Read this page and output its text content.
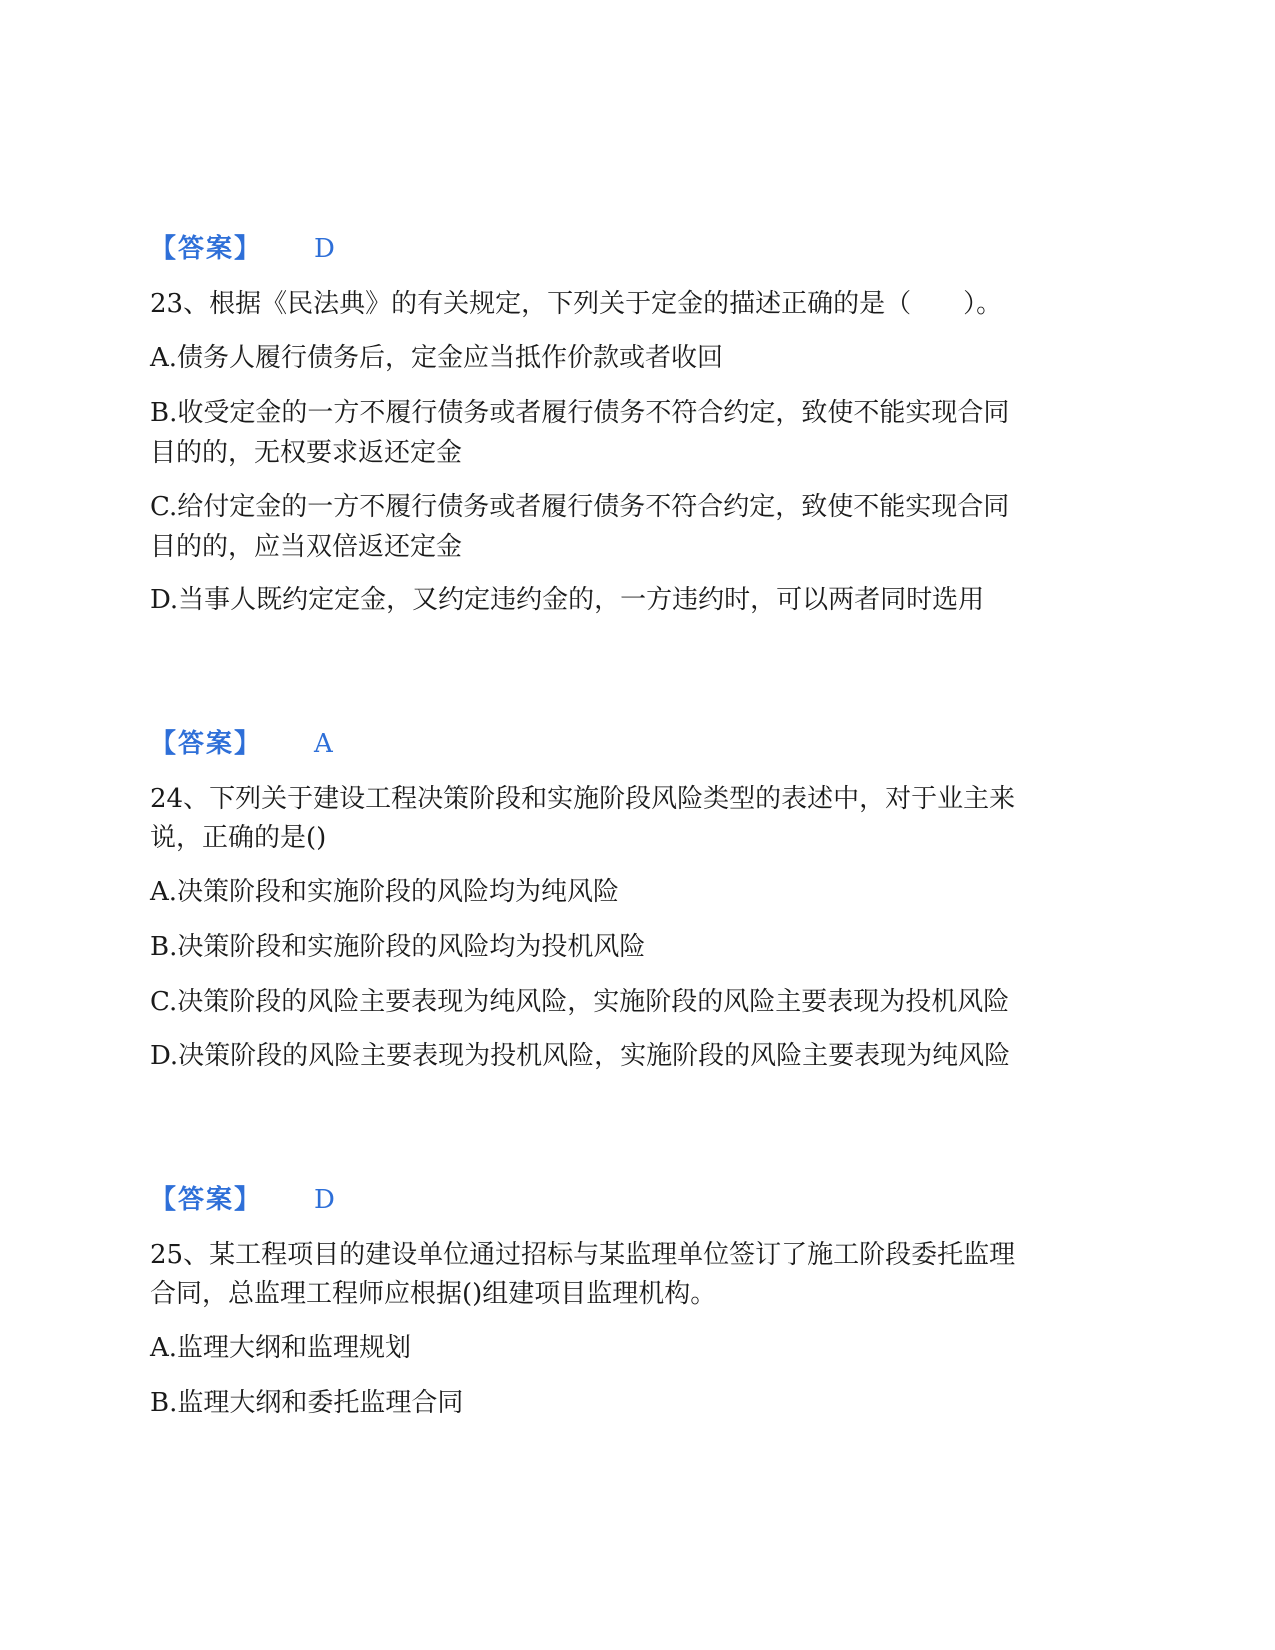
【答案】 D
23、根据《民法典》的有关规定，下列关于定金的描述正确的是（　　）。
A.债务人履行债务后，定金应当抵作价款或者收回
B.收受定金的一方不履行债务或者履行债务不符合约定，致使不能实现合同
目的的，无权要求返还定金
C.给付定金的一方不履行债务或者履行债务不符合约定，致使不能实现合同
目的的，应当双倍返还定金
D.当事人既约定定金，又约定违约金的，一方违约时，可以两者同时选用
【答案】 A
24、下列关于建设工程决策阶段和实施阶段风险类型的表述中，对于业主来
说，正确的是()
A.决策阶段和实施阶段的风险均为纯风险
B.决策阶段和实施阶段的风险均为投机风险
C.决策阶段的风险主要表现为纯风险，实施阶段的风险主要表现为投机风险
D.决策阶段的风险主要表现为投机风险，实施阶段的风险主要表现为纯风险
【答案】 D
25、某工程项目的建设单位通过招标与某监理单位签订了施工阶段委托监理
合同，总监理工程师应根据()组建项目监理机构。
A.监理大纲和监理规划
B.监理大纲和委托监理合同
